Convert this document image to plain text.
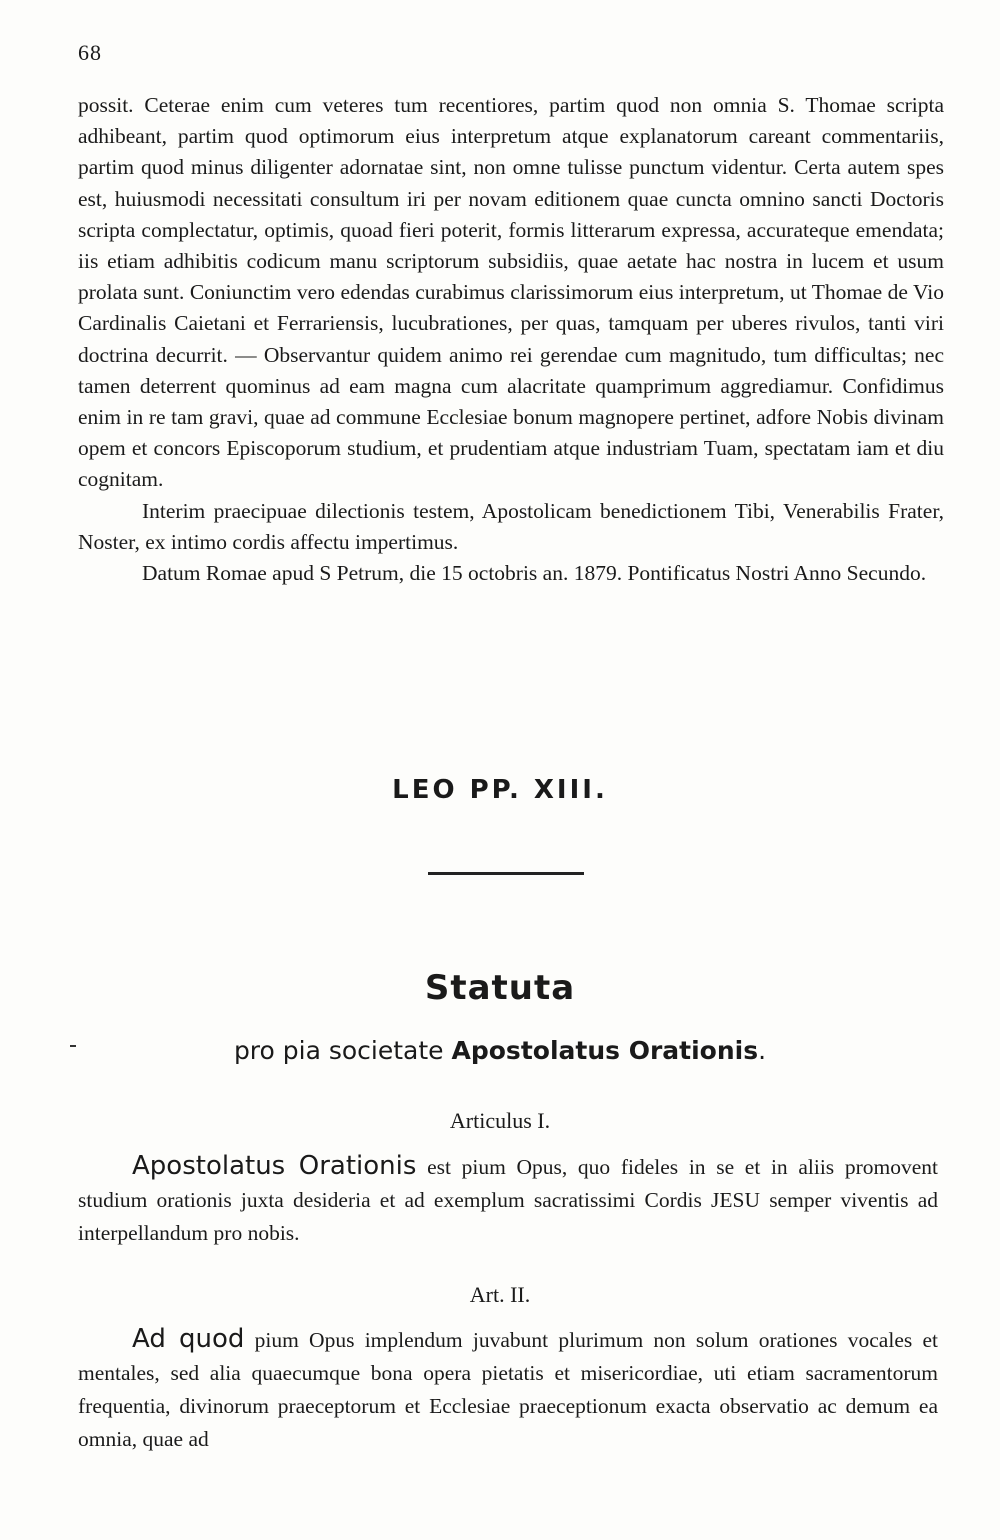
68

possit. Ceterae enim cum veteres tum recentiores, partim quod non omnia S. Thomae scripta adhibeant, partim quod optimorum eius interpretum atque explanatorum careant commentariis, partim quod minus diligenter adornatae sint, non omne tulisse punctum videntur. Certa autem spes est, huiusmodi necessitati consultum iri per novam editionem quae cuncta omnino sancti Doctoris scripta complectatur, optimis, quoad fieri poterit, formis litterarum expressa, accurateque emendata; iis etiam adhibitis codicum manu scriptorum subsidiis, quae aetate hac nostra in lucem et usum prolata sunt. Coniunctim vero edendas curabimus clarissimorum eius interpretum, ut Thomae de Vio Cardinalis Caietani et Ferrariensis, lucubrationes, per quas, tamquam per uberes rivulos, tanti viri doctrina decurrit. — Observantur quidem animo rei gerendae cum magnitudo, tum difficultas; nec tamen deterrent quominus ad eam magna cum alacritate quamprimum aggrediamur. Confidimus enim in re tam gravi, quae ad commune Ecclesiae bonum magnopere pertinet, adfore Nobis divinam opem et concors Episcoporum studium, et prudentiam atque industriam Tuam, spectatam iam et diu cognitam.

Interim praecipuae dilectionis testem, Apostolicam benedictionem Tibi, Venerabilis Frater, Noster, ex intimo cordis affectu impertimus.

Datum Romae apud S Petrum, die 15 octobris an. 1879. Pontificatus Nostri Anno Secundo.

LEO PP. XIII.
Statuta
pro pia societate Apostolatus Orationis.
Articulus I.
Apostolatus Orationis est pium Opus, quo fideles in se et in aliis promovent studium orationis juxta desideria et ad exemplum sacratissimi Cordis JESU semper viventis ad interpellandum pro nobis.
Art. II.
Ad quod pium Opus implendum juvabunt plurimum non solum orationes vocales et mentales, sed alia quaecumque bona opera pietatis et misericordiae, uti etiam sacramentorum frequentia, divinorum praeceptorum et Ecclesiae praeceptionum exacta observatio ac demum ea omnia, quae ad
